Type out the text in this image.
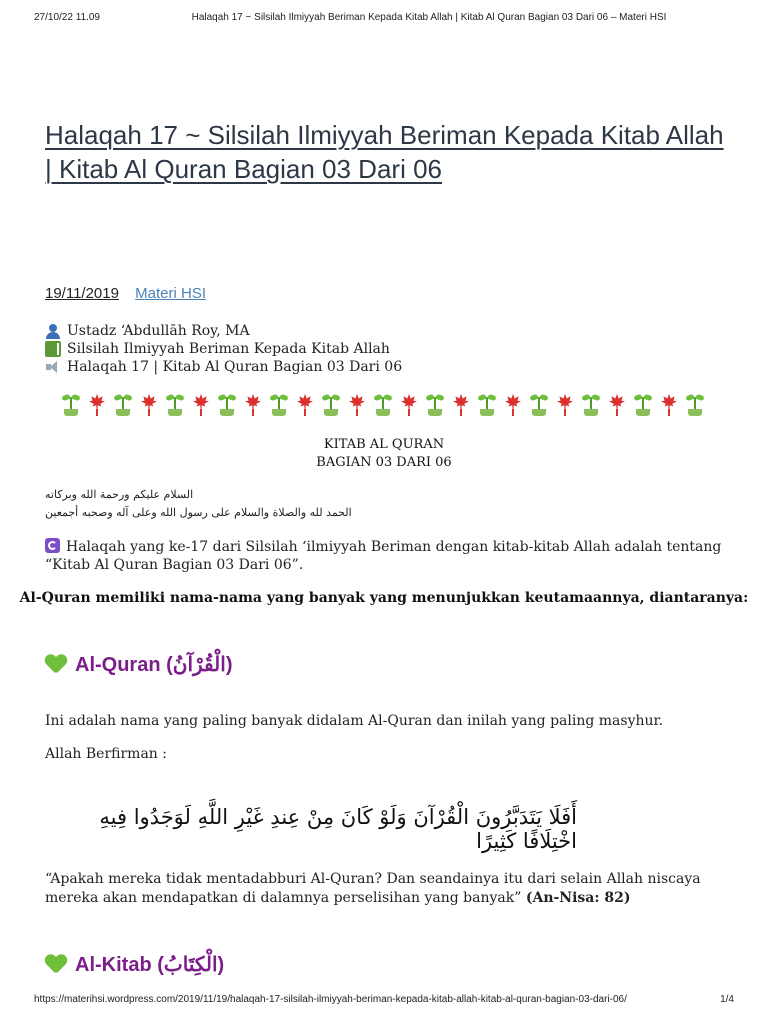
27/10/22 11.09	Halaqah 17 ~ Silsilah Ilmiyyah Beriman Kepada Kitab Allah | Kitab Al Quran Bagian 03 Dari 06 – Materi HSI
Halaqah 17 ~ Silsilah Ilmiyyah Beriman Kepada Kitab Allah | Kitab Al Quran Bagian 03 Dari 06
19/11/2019 Materi HSI
Ustadz ‘Abdullāh Roy, MA
Silsilah Ilmiyyah Beriman Kepada Kitab Allah
Halaqah 17 | Kitab Al Quran Bagian 03 Dari 06
KITAB AL QURAN
BAGIAN 03 DARI 06
السلام عليكم ورحمة الله وبركاته
الحمد لله والصلاة والسلام على رسول الله وعلى آله وصحبه أجمعين
Halaqah yang ke-17 dari Silsilah ‘ilmiyyah Beriman dengan kitab-kitab Allah adalah tentang “Kitab Al Quran Bagian 03 Dari 06”.
Al-Quran memiliki nama-nama yang banyak yang menunjukkan keutamaannya, diantaranya:
Al-Quran (الْقُرْآنُ)
Ini adalah nama yang paling banyak didalam Al-Quran dan inilah yang paling masyhur.
Allah Berfirman :
أَفَلَا يَتَدَبَّرُونَ الْقُرْآنَ وَلَوْ كَانَ مِنْ عِندِ غَيْرِ اللَّهِ لَوَجَدُوا فِيهِ اخْتِلَافًا كَثِيرًا
“Apakah mereka tidak mentadabburi Al-Quran? Dan seandainya itu dari selain Allah niscaya mereka akan mendapatkan di dalamnya perselisihan yang banyak” (An-Nisa: 82)
Al-Kitab (الْكِتَابُ)
https://materihsi.wordpress.com/2019/11/19/halaqah-17-silsilah-ilmiyyah-beriman-kepada-kitab-allah-kitab-al-quran-bagian-03-dari-06/	1/4
